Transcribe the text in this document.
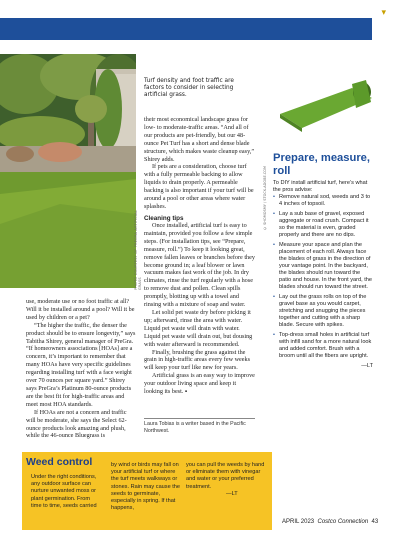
▾
PHOTO COURTESY OF PREGRA ARTIFICIAL GRASS
Turf density and foot traffic are factors to consider in selecting artificial grass.

use, moderate use or no foot traffic at all? Will it be installed around a pool? Will it be used by children or a pet?

“The higher the traffic, the denser the product should be to ensure longevity,” says Tabitha Shirey, general manager of PreGra. “If homeowners associations [HOAs] are a concern, it’s important to remember that many HOAs have very specific guidelines regarding installing turf with a face weight over 70 ounces per square yard.” Shirey says PreGra’s Platinum 80-ounce products are the best fit for high-traffic areas and meet most HOA standards.

If HOAs are not a concern and traffic will be moderate, she says the Select 62-ounce products look amazing and plush, while the 46-ounce Bluegrass is

their most economical landscape grass for low- to moderate-traffic areas. “And all of our products are pet-friendly, but our 48-ounce Pet Turf has a short and dense blade structure, which makes waste cleanup easy,” Shirey adds.

If pets are a consideration, choose turf with a fully permeable backing to allow liquids to drain properly. A permeable backing is also important if your turf will be around a pool or other areas where water splashes.

Cleaning tips

Once installed, artificial turf is easy to maintain, provided you follow a few simple steps. (For installation tips, see “Prepare, measure, roll.”) To keep it looking great, remove fallen leaves or branches before they become ground in; a leaf blower or lawn vacuum makes fast work of the job. In dry climates, rinse the turf regularly with a hose to remove dust and pollen. Clean spills promptly, blotting up with a towel and rinsing with a mixture of soap and water.

Let solid pet waste dry before picking it up; afterward, rinse the area with water. Liquid pet waste will drain with water. Liquid pet waste will drain out, but dousing with water afterward is recommended.

Finally, brushing the grass against the grain in high-traffic areas every few weeks will keep your turf like new for years.

Artificial grass is an easy way to improve your outdoor living space and keep it looking its best. ▪

Laura Tobias is a writer based in the Pacific Northwest.
© SHOMOSMY / STOCK.ADOBE.COM
Prepare, measure, roll
To DIY install artificial turf, here’s what the pros advise:
• Remove natural sod, weeds and 3 to 4 inches of topsoil.
• Lay a sub base of gravel, exposed aggregate or road crush. Compact it so the material is even, graded properly and there are no dips.
• Measure your space and plan the placement of each roll. Always face the blades of grass in the direction of your vantage point. In the backyard, the blades should run toward the patio and house. In the front yard, the blades should run toward the street.
• Lay out the grass rolls on top of the gravel base as you would carpet, stretching and snugging the pieces together and cutting with a sharp blade. Secure with spikes.
• Top-dress small holes in artificial turf with infill sand for a more natural look and added comfort. Brush with a broom until all the fibers are upright.
—LT
Weed control
Under the right conditions, any outdoor surface can nurture unwanted moss or plant germination. From time to time, seeds carried
by wind or birds may fall on your artificial turf or where the turf meets walkways or stones. Rain may cause the seeds to germinate, especially in spring. If that happens,
you can pull the weeds by hand or eliminate them with vinegar and water or your preferred treatment.
—LT
APRIL 2023 Costco Connection 43
